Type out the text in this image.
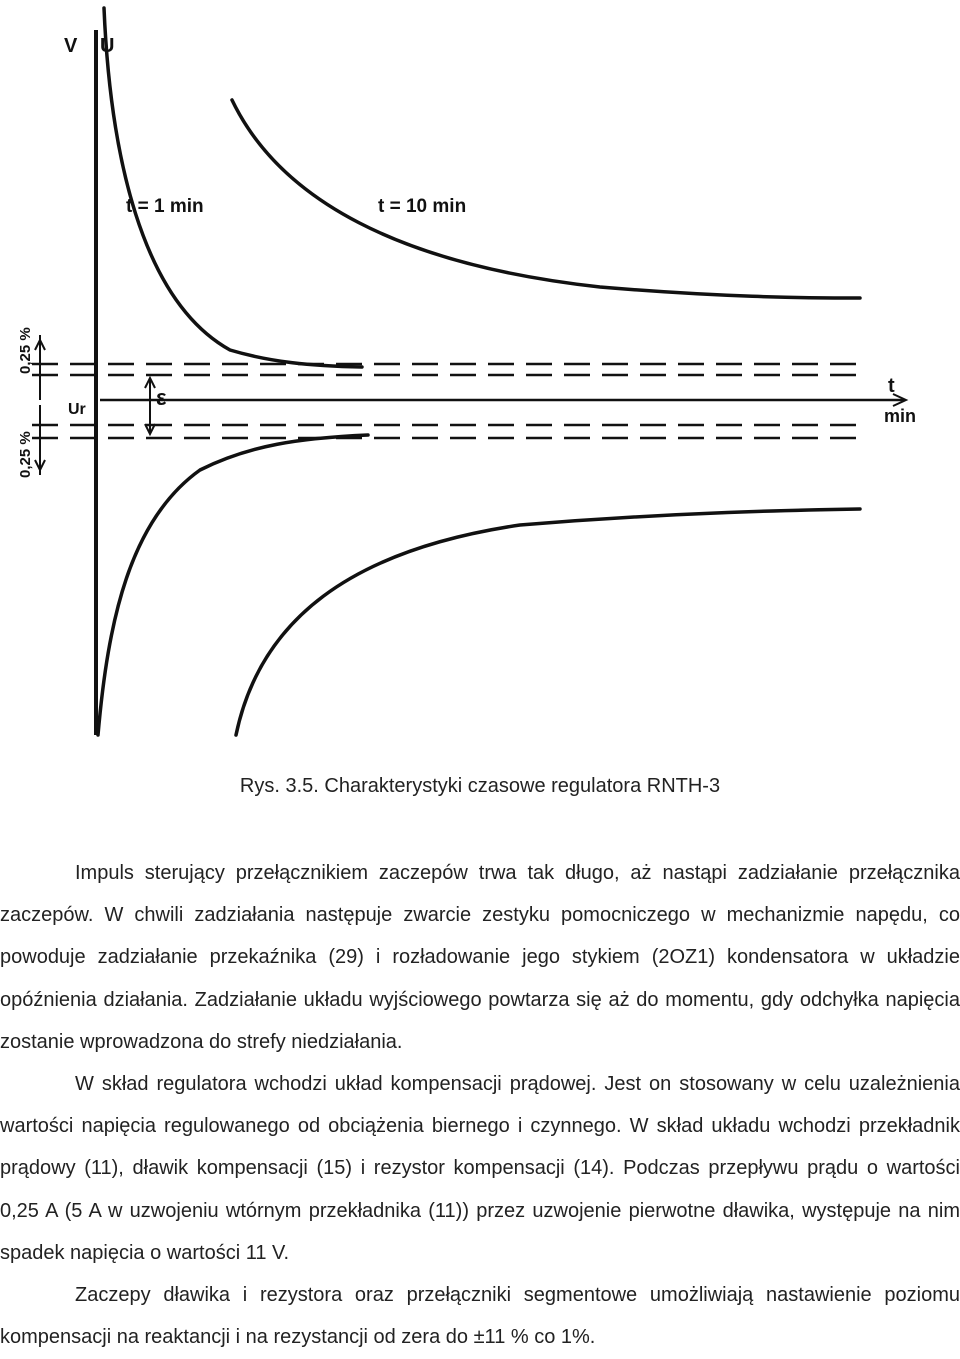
V U
t
min
t = 1 min	t = 10 min
Ur	ε
0,25 %
0,25 %
Rys. 3.5. Charakterystyki czasowe regulatora RNTH-3

Impuls sterujący przełącznikiem zaczepów trwa tak długo, aż nastąpi zadziałanie przełącznika zaczepów. W chwili zadziałania następuje zwarcie zestyku pomocniczego w mechanizmie napędu, co powoduje zadziałanie przekaźnika (29) i rozładowanie jego stykiem (2OZ1) kondensatora w układzie opóźnienia działania. Zadziałanie układu wyjściowego powtarza się aż do momentu, gdy odchyłka napięcia zostanie wprowadzona do strefy niedziałania.

W skład regulatora wchodzi układ kompensacji prądowej. Jest on stosowany w celu uzależnienia wartości napięcia regulowanego od obciążenia biernego i czynnego. W skład układu wchodzi przekładnik prądowy (11), dławik kompensacji (15) i rezystor kompensacji (14). Podczas przepływu prądu o wartości 0,25 A (5 A w uzwojeniu wtórnym przekładnika (11)) przez uzwojenie pierwotne dławika, występuje na nim spadek napięcia o wartości 11 V.

Zaczepy dławika i rezystora oraz przełączniki segmentowe umożliwiają nastawienie poziomu kompensacji na reaktancji i na rezystancji od zera do ±11 % co 1%.
